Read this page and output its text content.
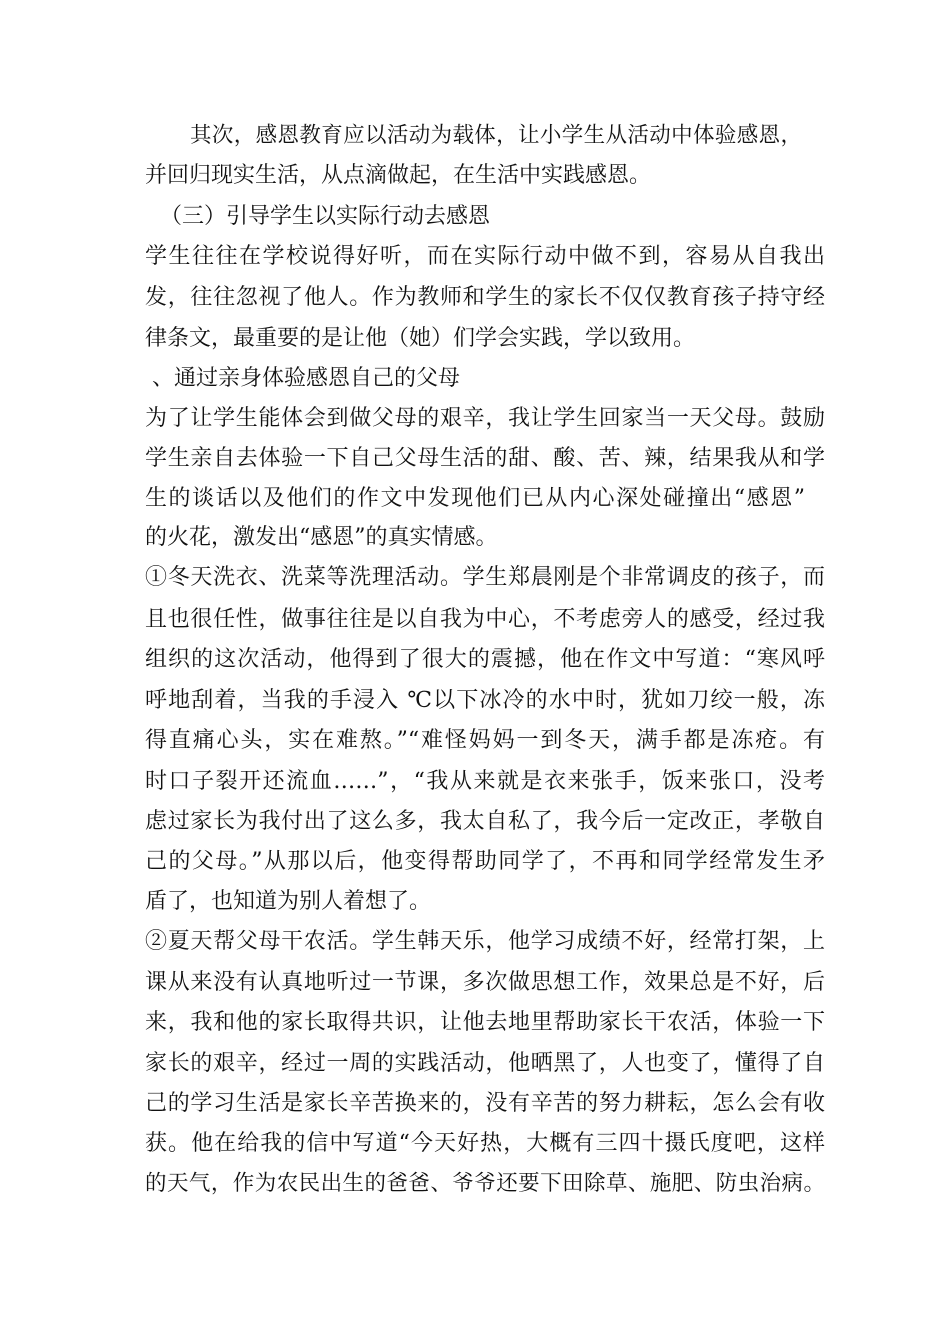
其次，感恩教育应以活动为载体，让小学生从活动中体验感恩，
并回归现实生活，从点滴做起，在生活中实践感恩。
（三）引导学生以实际行动去感恩
学生往往在学校说得好听，而在实际行动中做不到，容易从自我出
发，往往忽视了他人。作为教师和学生的家长不仅仅教育孩子持守经
律条文，最重要的是让他（她）们学会实践，学以致用。
、通过亲身体验感恩自己的父母
为了让学生能体会到做父母的艰辛，我让学生回家当一天父母。鼓励
学生亲自去体验一下自己父母生活的甜、酸、苦、辣，结果我从和学
生的谈话以及他们的作文中发现他们已从内心深处碰撞出“感恩”
的火花，激发出“感恩”的真实情感。
①冬天洗衣、洗菜等洗理活动。学生郑晨刚是个非常调皮的孩子，而
且也很任性，做事往往是以自我为中心，不考虑旁人的感受，经过我
组织的这次活动，他得到了很大的震撼，他在作文中写道：“寒风呼
呼地刮着，当我的手浸入 ℃以下冰冷的水中时，犹如刀绞一般，冻
得直痛心头，实在难熬。”“难怪妈妈一到冬天，满手都是冻疮。有
时口子裂开还流血……”，“我从来就是衣来张手，饭来张口，没考
虑过家长为我付出了这么多，我太自私了，我今后一定改正，孝敬自
己的父母。”从那以后，他变得帮助同学了，不再和同学经常发生矛
盾了，也知道为别人着想了。
②夏天帮父母干农活。学生韩天乐，他学习成绩不好，经常打架，上
课从来没有认真地听过一节课，多次做思想工作，效果总是不好，后
来，我和他的家长取得共识，让他去地里帮助家长干农活，体验一下
家长的艰辛，经过一周的实践活动，他晒黑了，人也变了，懂得了自
己的学习生活是家长辛苦换来的，没有辛苦的努力耕耘，怎么会有收
获。他在给我的信中写道“今天好热，大概有三四十摄氏度吧，这样
的天气，作为农民出生的爸爸、爷爷还要下田除草、施肥、防虫治病。
